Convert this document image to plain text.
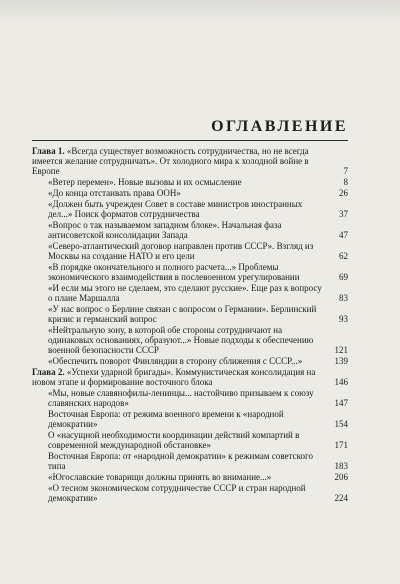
ОГЛАВЛЕНИЕ
Глава 1. «Всегда существует возможность сотрудничества, но не всегда имеется желание сотрудничать». От холодного мира к холодной войне в Европе	7
«Ветер перемен». Новые вызовы и их осмысление	8
«До конца отстаивать права ООН»	26
«Должен быть учрежден Совет в составе министров иностранных дел...» Поиск форматов сотрудничества	37
«Вопрос о так называемом западном блоке». Начальная фаза антисоветской консолидации Запада	47
«Северо-атлантический договор направлен против СССР». Взгляд из Москвы на создание НАТО и его цели	62
«В порядке окончательного и полного расчета...» Проблемы экономического взаимодействия в послевоенном урегулировании	69
«И если мы этого не сделаем, это сделают русские». Еще раз к вопросу о плане Маршалла	83
«У нас вопрос о Берлине связан с вопросом о Германии». Берлинский кризис и германский вопрос	93
«Нейтральную зону, в которой обе стороны сотрудничают на одинаковых основаниях, образуют...» Новые подходы к обеспечению военной безопасности СССР	121
«Обеспечить поворот Финляндии в сторону сближения с СССР...»	139
Глава 2. «Успехи ударной бригады». Коммунистическая консолидация на новом этапе и формирование восточного блока	146
«Мы, новые славянофилы-ленинцы... настойчиво призываем к союзу славянских народов»	147
Восточная Европа: от режима военного времени к «народной демократии»	154
О «насущной необходимости координации действий компартий в современной международной обстановке»	171
Восточная Европа: от «народной демократии» к режимам советского типа	183
«Югославские товарищи должны принять во внимание...»	206
«О тесном экономическом сотрудничестве СССР и стран народной демократии»	224
